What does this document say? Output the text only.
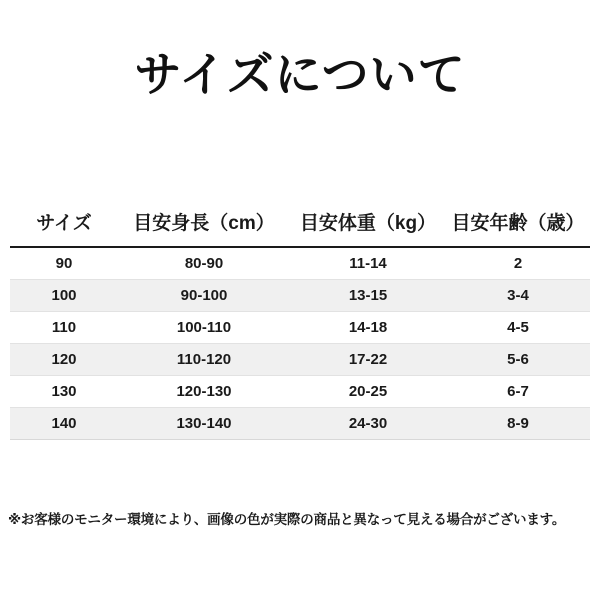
サイズについて
サイズ	目安身長（cm）	目安体重（kg）	目安年齢（歳）
90	80-90	11-14	2
100	90-100	13-15	3-4
110	100-110	14-18	4-5
120	110-120	17-22	5-6
130	120-130	20-25	6-7
140	130-140	24-30	8-9
※お客様のモニター環境により、画像の色が実際の商品と異なって見える場合がございます。
